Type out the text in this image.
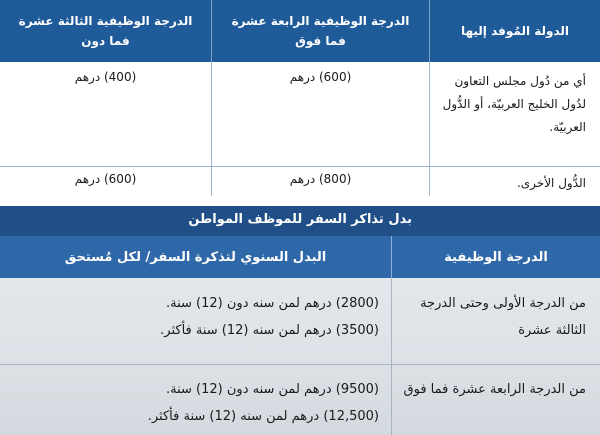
الدولة المُوفد إليها
الدرجة الوظيفية الرابعة عشرة فما فوق
الدرجة الوظيفية الثالثة عشرة فما دون
أي من دُول مجلس التعاون لدُول الخليج العربيّة، أو الدُّول العربيّة.
(600) درهم
(400) درهم
الدُّول الأخرى.
(800) درهم
(600) درهم
بدل تذاكر السفر للموظف المواطن
الدرجة الوظيفية
البدل السنوي لتذكرة السفر/ لكل مُستحق
من الدرجة الأولى وحتى الدرجة الثالثة عشرة
(2800) درهم لمن سنه دون (12) سنة.
(3500) درهم لمن سنه (12) سنة فأكثر.
من الدرجة الرابعة عشرة فما فوق
(9500) درهم لمن سنه دون (12) سنة.
(12,500) درهم لمن سنه (12) سنة فأكثر.
